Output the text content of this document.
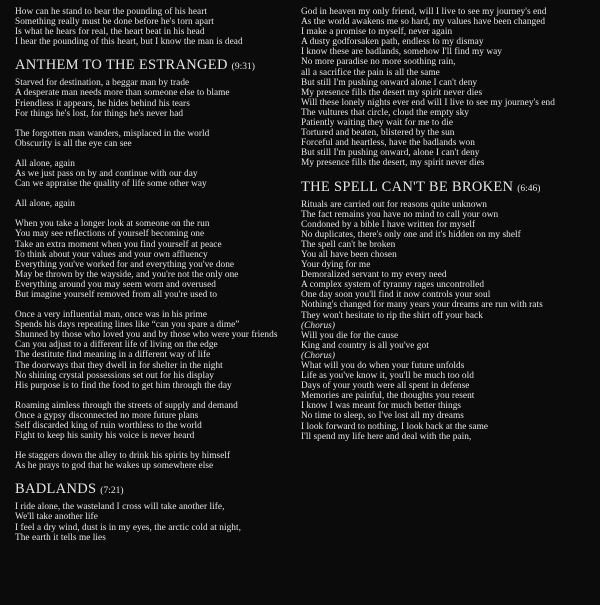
How can he stand to bear the pounding of his heart
Something really must be done before he's torn apart
Is what he hears for real, the heart beat in his head
I hear the pounding of this heart, but I know the man is dead
ANTHEM TO THE ESTRANGED (9:31)
Starved for destination, a beggar man by trade
A desperate man needs more than someone else to blame
Friendless it appears, he hides behind his tears
For things he's lost, for things he's never had
The forgotten man wanders, misplaced in the world
Obscurity is all the eye can see
All alone, again
As we just pass on by and continue with our day
Can we appraise the quality of life some other way
All alone, again
When you take a longer look at someone on the run
You may see reflections of yourself becoming one
Take an extra moment when you find yourself at peace
To think about your values and your own affluency
Everything you've worked for and everything you've done
May be thrown by the wayside, and you're not the only one
Everything around you may seem worn and overused
But imagine yourself removed from all you're used to
Once a very influential man, once was in his prime
Spends his days repeating lines like “can you spare a dime”
Shunned by those who loved you and by those who were your friends
Can you adjust to a different life of living on the edge
The destitute find meaning in a different way of life
The doorways that they dwell in for shelter in the night
No shining crystal possessions set out for his display
His purpose is to find the food to get him through the day
Roaming aimless through the streets of supply and demand
Once a gypsy disconnected no more future plans
Self discarded king of ruin worthless to the world
Fight to keep his sanity his voice is never heard
He staggers down the alley to drink his spirits by himself
As he prays to god that he wakes up somewhere else
BADLANDS (7:21)
I ride alone, the wasteland I cross will take another life,
We'll take another life
I feel a dry wind, dust is in my eyes, the arctic cold at night,
The earth it tells me lies
God in heaven my only friend, will I live to see my journey's end
As the world awakens me so hard, my values have been changed
I make a promise to myself, never again
A dusty godforsaken path, endless to my dismay
I know these are badlands, somehow I'll find my way
No more paradise no more soothing rain,
all a sacrifice the pain is all the same
But still I'm pushing onward alone I can't deny
My presence fills the desert my spirit never dies
Will these lonely nights ever end will I live to see my journey's end
The vultures that circle, cloud the empty sky
Patiently waiting they wait for me to die
Tortured and beaten, blistered by the sun
Forceful and heartless, have the badlands won
But still I'm pushing onward, alone I can't deny
My presence fills the desert, my spirit never dies
THE SPELL CAN'T BE BROKEN (6:46)
Rituals are carried out for reasons quite unknown
The fact remains you have no mind to call your own
Condoned by a bible I have written for myself
No duplicates, there's only one and it's hidden on my shelf
The spell can't be broken
You all have been chosen
Your dying for me
Demoralized servant to my every need
A complex system of tyranny rages uncontrolled
One day soon you'll find it now controls your soul
Nothing's changed for many years your dreams are run with rats
They won't hesitate to rip the shirt off your back
(Chorus)
Will you die for the cause
King and country is all you've got
(Chorus)
What will you do when your future unfolds
Life as you've know it, you'll be much too old
Days of your youth were all spent in defense
Memories are painful, the thoughts you resent
I know I was meant for much better things
No time to sleep, so I've lost all my dreams
I look forward to nothing, I look back at the same
I'll spend my life here and deal with the pain,
